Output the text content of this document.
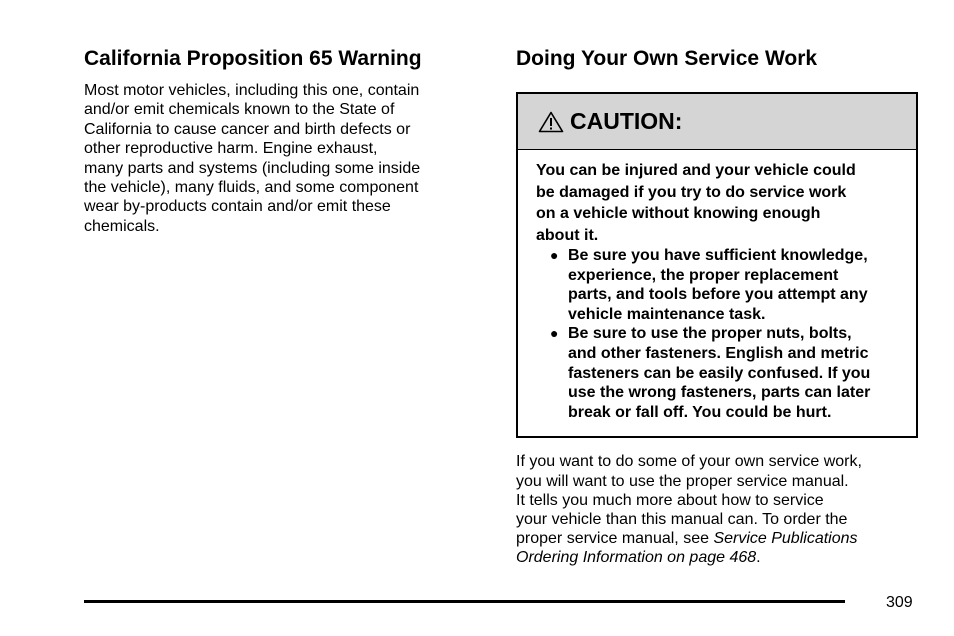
California Proposition 65 Warning
Most motor vehicles, including this one, contain
and/or emit chemicals known to the State of
California to cause cancer and birth defects or
other reproductive harm. Engine exhaust,
many parts and systems (including some inside
the vehicle), many fluids, and some component
wear by-products contain and/or emit these
chemicals.
Doing Your Own Service Work
CAUTION:
You can be injured and your vehicle could
be damaged if you try to do service work
on a vehicle without knowing enough
about it.
● Be sure you have sufficient knowledge,
experience, the proper replacement
parts, and tools before you attempt any
vehicle maintenance task.
● Be sure to use the proper nuts, bolts,
and other fasteners. English and metric
fasteners can be easily confused. If you
use the wrong fasteners, parts can later
break or fall off. You could be hurt.
If you want to do some of your own service work,
you will want to use the proper service manual.
It tells you much more about how to service
your vehicle than this manual can. To order the
proper service manual, see Service Publications
Ordering Information on page 468.
309
